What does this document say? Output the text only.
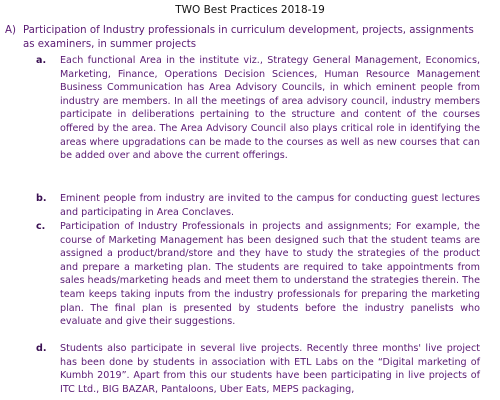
TWO Best Practices 2018-19
A) Participation of Industry professionals in curriculum development, projects, assignments as examiners, in summer projects
a. Each functional Area in the institute viz., Strategy General Management, Economics, Marketing, Finance, Operations Decision Sciences, Human Resource Management Business Communication has Area Advisory Councils, in which eminent people from industry are members. In all the meetings of area advisory council, industry members participate in deliberations pertaining to the structure and content of the courses offered by the area. The Area Advisory Council also plays critical role in identifying the areas where upgradations can be made to the courses as well as new courses that can be added over and above the current offerings.
b. Eminent people from industry are invited to the campus for conducting guest lectures and participating in Area Conclaves.
c. Participation of Industry Professionals in projects and assignments; For example, the course of Marketing Management has been designed such that the student teams are assigned a product/brand/store and they have to study the strategies of the product and prepare a marketing plan. The students are required to take appointments from sales heads/marketing heads and meet them to understand the strategies therein. The team keeps taking inputs from the industry professionals for preparing the marketing plan. The final plan is presented by students before the industry panelists who evaluate and give their suggestions.
d. Students also participate in several live projects. Recently three months' live project has been done by students in association with ETL Labs on the “Digital marketing of Kumbh 2019”. Apart from this our students have been participating in live projects of ITC Ltd., BIG BAZAR, Pantaloons, Uber Eats, MEPS packaging,
